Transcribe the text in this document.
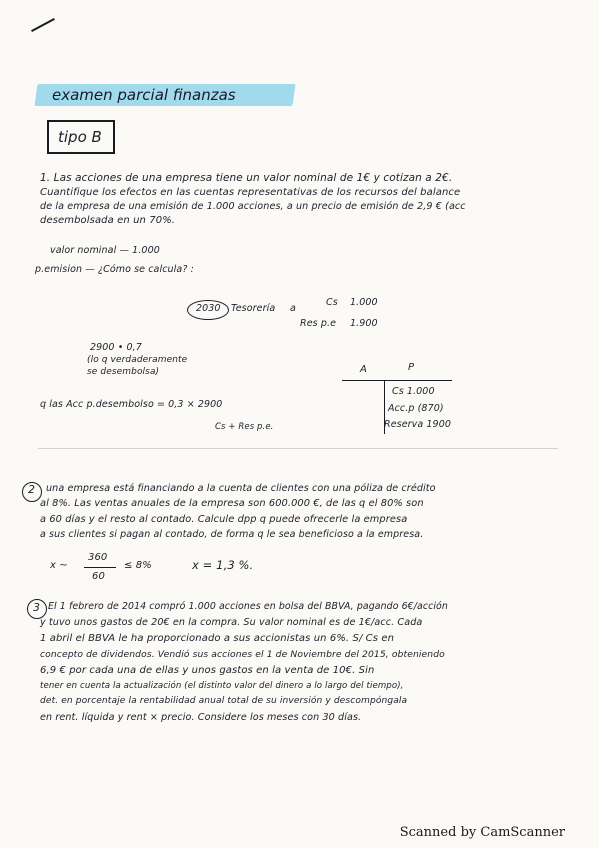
examen parcial finanzas
tipo B
1. Las acciones de una empresa tiene un valor nominal de 1€ y cotizan a 2€.
Cuantifique los efectos en las cuentas representativas de los recursos del balance
de la empresa de una emisión de 1.000 acciones, a un precio de emisión de 2,9 € (acc
desembolsada en un 70%.
valor nominal — 1.000
p.emision — ¿Cómo se calcula? :
2030 Tesorería a
Cs 1.000
Res p.e 1.900
2900 • 0,7
(lo q verdaderamente
se desembolsa)
q las Acc p.desembolso = 0,3 × 2900
Cs + Res p.e.
A	P
Cs 1.000
Acc.p (870)
Reserva 1900
2 una empresa está financiando a la cuenta de clientes con una póliza de crédito
al 8%. Las ventas anuales de la empresa son 600.000 €, de las q el 80% son
a 60 días y el resto al contado. Calcule dpp q puede ofrecerle la empresa
a sus clientes si pagan al contado, de forma q le sea beneficioso a la empresa.
x ~
360
60
≤ 8%	x = 1,3 %.
3 El 1 febrero de 2014 compró 1.000 acciones en bolsa del BBVA, pagando 6€/acción
y tuvo unos gastos de 20€ en la compra. Su valor nominal es de 1€/acc. Cada
1 abril el BBVA le ha proporcionado a sus accionistas un 6%. S/ Cs en
concepto de dividendos. Vendió sus acciones el 1 de Noviembre del 2015, obteniendo
6,9 € por cada una de ellas y unos gastos en la venta de 10€. Sin
tener en cuenta la actualización (el distinto valor del dinero a lo largo del tiempo),
det. en porcentaje la rentabilidad anual total de su inversión y descompóngala
en rent. líquida y rent × precio. Considere los meses con 30 días.
Scanned by CamScanner
